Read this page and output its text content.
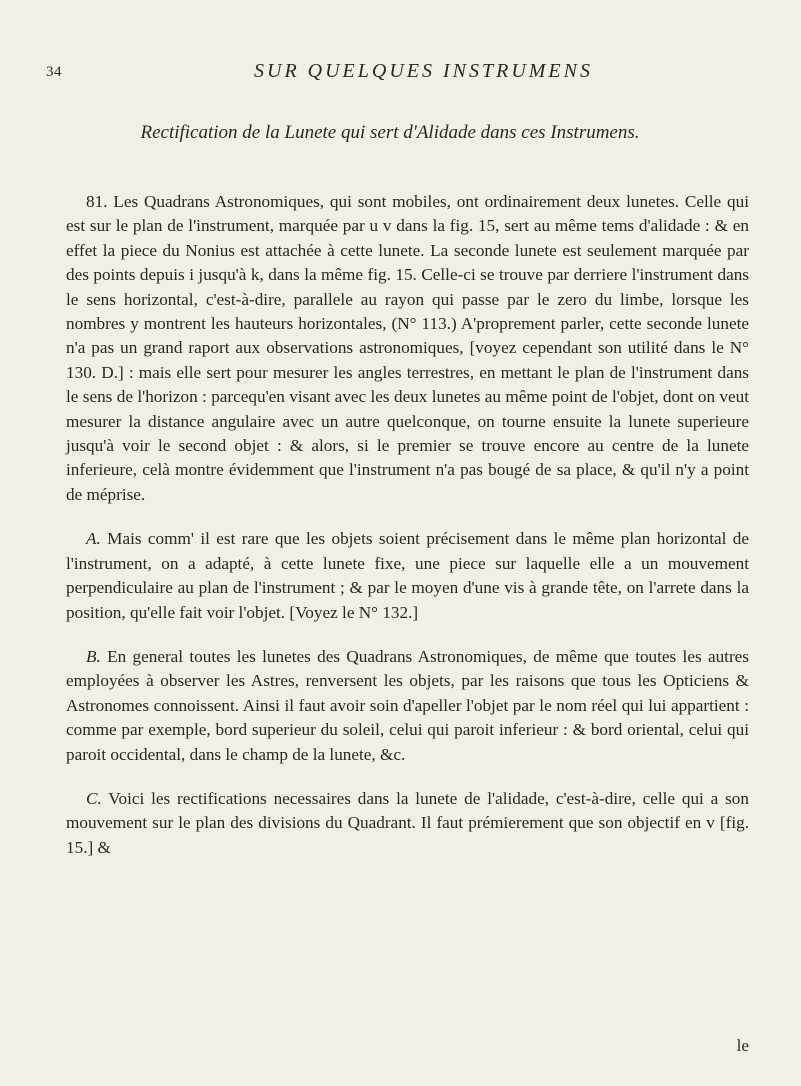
34	SUR QUELQUES INSTRUMENS
Rectification de la Lunete qui sert d'Alidade dans ces Instrumens.

81. Les Quadrans Astronomiques, qui sont mobiles, ont ordinairement deux lunetes. Celle qui est sur le plan de l'instrument, marquée par u v dans la fig. 15, sert au même tems d'alidade : & en effet la piece du Nonius est attachée à cette lunete. La seconde lunete est seulement marquée par des points depuis i jusqu'à k, dans la même fig. 15. Celle-ci se trouve par derriere l'instrument dans le sens horizontal, c'est-à-dire, parallele au rayon qui passe par le zero du limbe, lorsque les nombres y montrent les hauteurs horizontales, (N° 113.) A'proprement parler, cette seconde lunete n'a pas un grand raport aux observations astronomiques, [voyez cependant son utilité dans le N° 130. D.] : mais elle sert pour mesurer les angles terrestres, en mettant le plan de l'instrument dans le sens de l'horizon : parcequ'en visant avec les deux lunetes au même point de l'objet, dont on veut mesurer la distance angulaire avec un autre quelconque, on tourne ensuite la lunete superieure jusqu'à voir le second objet : & alors, si le premier se trouve encore au centre de la lunete inferieure, celà montre évidemment que l'instrument n'a pas bougé de sa place, & qu'il n'y a point de méprise.

A. Mais comm' il est rare que les objets soient précisement dans le même plan horizontal de l'instrument, on a adapté, à cette lunete fixe, une piece sur laquelle elle a un mouvement perpendiculaire au plan de l'instrument ; & par le moyen d'une vis à grande tête, on l'arrete dans la position, qu'elle fait voir l'objet. [Voyez le N° 132.]

B. En general toutes les lunetes des Quadrans Astronomiques, de même que toutes les autres employées à observer les Astres, renversent les objets, par les raisons que tous les Opticiens & Astronomes connoissent. Ainsi il faut avoir soin d'apeller l'objet par le nom réel qui lui appartient : comme par exemple, bord superieur du soleil, celui qui paroit inferieur : & bord oriental, celui qui paroit occidental, dans le champ de la lunete, &c.

C. Voici les rectifications necessaires dans la lunete de l'alidade, c'est-à-dire, celle qui a son mouvement sur le plan des divisions du Quadrant. Il faut prémierement que son objectif en v [fig. 15.] &

le
